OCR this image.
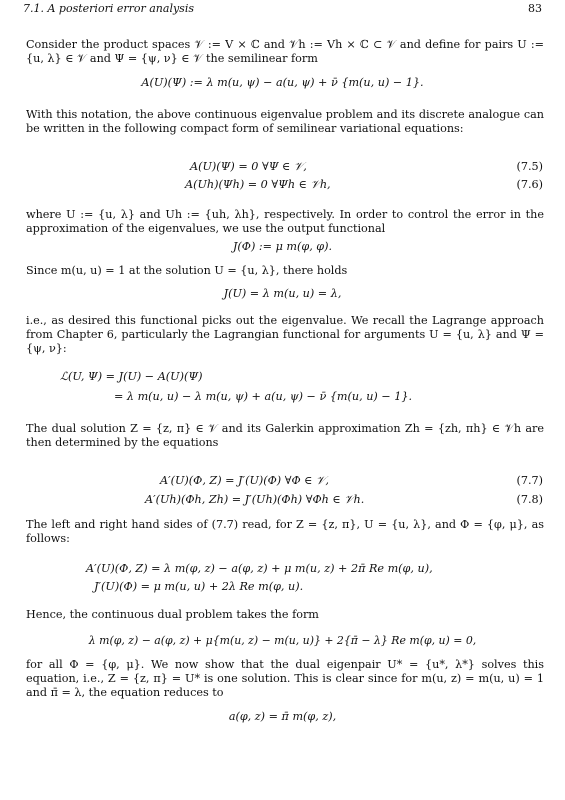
7.1. A posteriori error analysis	83
Consider the product spaces 𝒱 := V × ℂ and 𝒱h := Vh × ℂ ⊂ 𝒱 and define for pairs U := {u, λ} ∈ 𝒱 and Ψ = {ψ, ν} ∈ 𝒱 the semilinear form
A(U)(Ψ) := λ m(u, ψ) − a(u, ψ) + ν̄ {m(u, u) − 1}.
With this notation, the above continuous eigenvalue problem and its discrete analogue can be written in the following compact form of semilinear variational equations:
A(U)(Ψ) = 0 ∀Ψ ∈ 𝒱,	(7.5)
A(Uh)(Ψh) = 0 ∀Ψh ∈ 𝒱h,	(7.6)
where U := {u, λ} and Uh := {uh, λh}, respectively. In order to control the error in the approximation of the eigenvalues, we use the output functional
J(Φ) := μ m(φ, φ).
Since m(u, u) = 1 at the solution U = {u, λ}, there holds
J(U) = λ m(u, u) = λ,
i.e., as desired this functional picks out the eigenvalue. We recall the Lagrange approach from Chapter 6, particularly the Lagrangian functional for arguments U = {u, λ} and Ψ = {ψ, ν}:
ℒ(U, Ψ) = J(U) − A(U)(Ψ)
= λ m(u, u) − λ m(u, ψ) + a(u, ψ) − ν̄ {m(u, u) − 1}.
The dual solution Z = {z, π} ∈ 𝒱 and its Galerkin approximation Zh = {zh, πh} ∈ 𝒱h are then determined by the equations
A′(U)(Φ, Z) = J′(U)(Φ) ∀Φ ∈ 𝒱,	(7.7)
A′(Uh)(Φh, Zh) = J′(Uh)(Φh) ∀Φh ∈ 𝒱h.	(7.8)
The left and right hand sides of (7.7) read, for Z = {z, π}, U = {u, λ}, and Φ = {φ, μ}, as follows:
A′(U)(Φ, Z) = λ m(φ, z) − a(φ, z) + μ m(u, z) + 2π̄ Re m(φ, u),
J′(U)(Φ) = μ m(u, u) + 2λ Re m(φ, u).
Hence, the continuous dual problem takes the form
λ m(φ, z) − a(φ, z) + μ{m(u, z) − m(u, u)} + 2{π̄ − λ} Re m(φ, u) = 0,
for all Φ = {φ, μ}. We now show that the dual eigenpair U* = {u*, λ*} solves this equation, i.e., Z = {z, π} = U* is one solution. This is clear since for m(u, z) = m(u, u) = 1 and π̄ = λ, the equation reduces to
a(φ, z) = π̄ m(φ, z),
